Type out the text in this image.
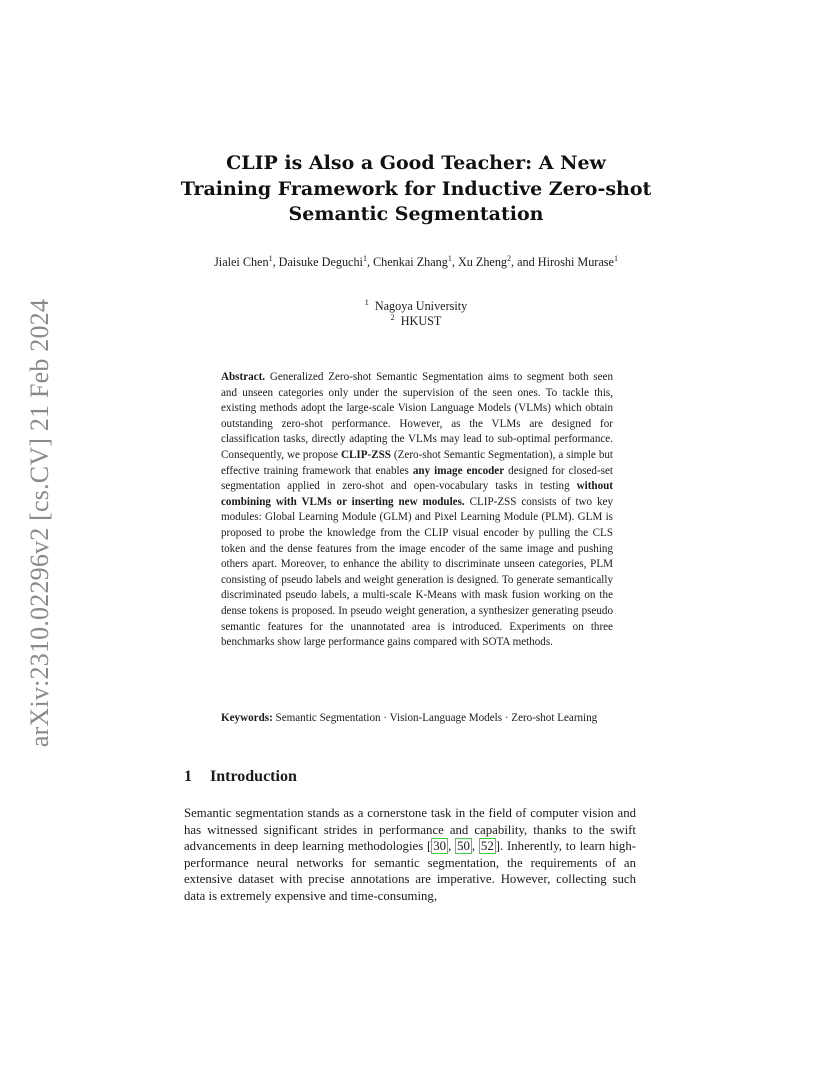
arXiv:2310.02296v2 [cs.CV] 21 Feb 2024
CLIP is Also a Good Teacher: A New Training Framework for Inductive Zero-shot Semantic Segmentation
Jialei Chen$^1$, Daisuke Deguchi$^1$, Chenkai Zhang$^1$, Xu Zheng$^2$, and Hiroshi Murase$^1$
$^1$ Nagoya University
$^2$ HKUST
Abstract. Generalized Zero-shot Semantic Segmentation aims to segment both seen and unseen categories only under the supervision of the seen ones. To tackle this, existing methods adopt the large-scale Vision Language Models (VLMs) which obtain outstanding zero-shot performance. However, as the VLMs are designed for classification tasks, directly adapting the VLMs may lead to sub-optimal performance. Consequently, we propose CLIP-ZSS (Zero-shot Semantic Segmentation), a simple but effective training framework that enables any image encoder designed for closed-set segmentation applied in zero-shot and open-vocabulary tasks in testing without combining with VLMs or inserting new modules. CLIP-ZSS consists of two key modules: Global Learning Module (GLM) and Pixel Learning Module (PLM). GLM is proposed to probe the knowledge from the CLIP visual encoder by pulling the CLS token and the dense features from the image encoder of the same image and pushing others apart. Moreover, to enhance the ability to discriminate unseen categories, PLM consisting of pseudo labels and weight generation is designed. To generate semantically discriminated pseudo labels, a multi-scale K-Means with mask fusion working on the dense tokens is proposed. In pseudo weight generation, a synthesizer generating pseudo semantic features for the unannotated area is introduced. Experiments on three benchmarks show large performance gains compared with SOTA methods.
Keywords: Semantic Segmentation · Vision-Language Models · Zero-shot Learning
1 Introduction
Semantic segmentation stands as a cornerstone task in the field of computer vision and has witnessed significant strides in performance and capability, thanks to the swift advancements in deep learning methodologies [ 30 , 50 , 52 ]. Inherently, to learn high-performance neural networks for semantic segmentation, the requirements of an extensive dataset with precise annotations are imperative. However, collecting such data is extremely expensive and time-consuming,
